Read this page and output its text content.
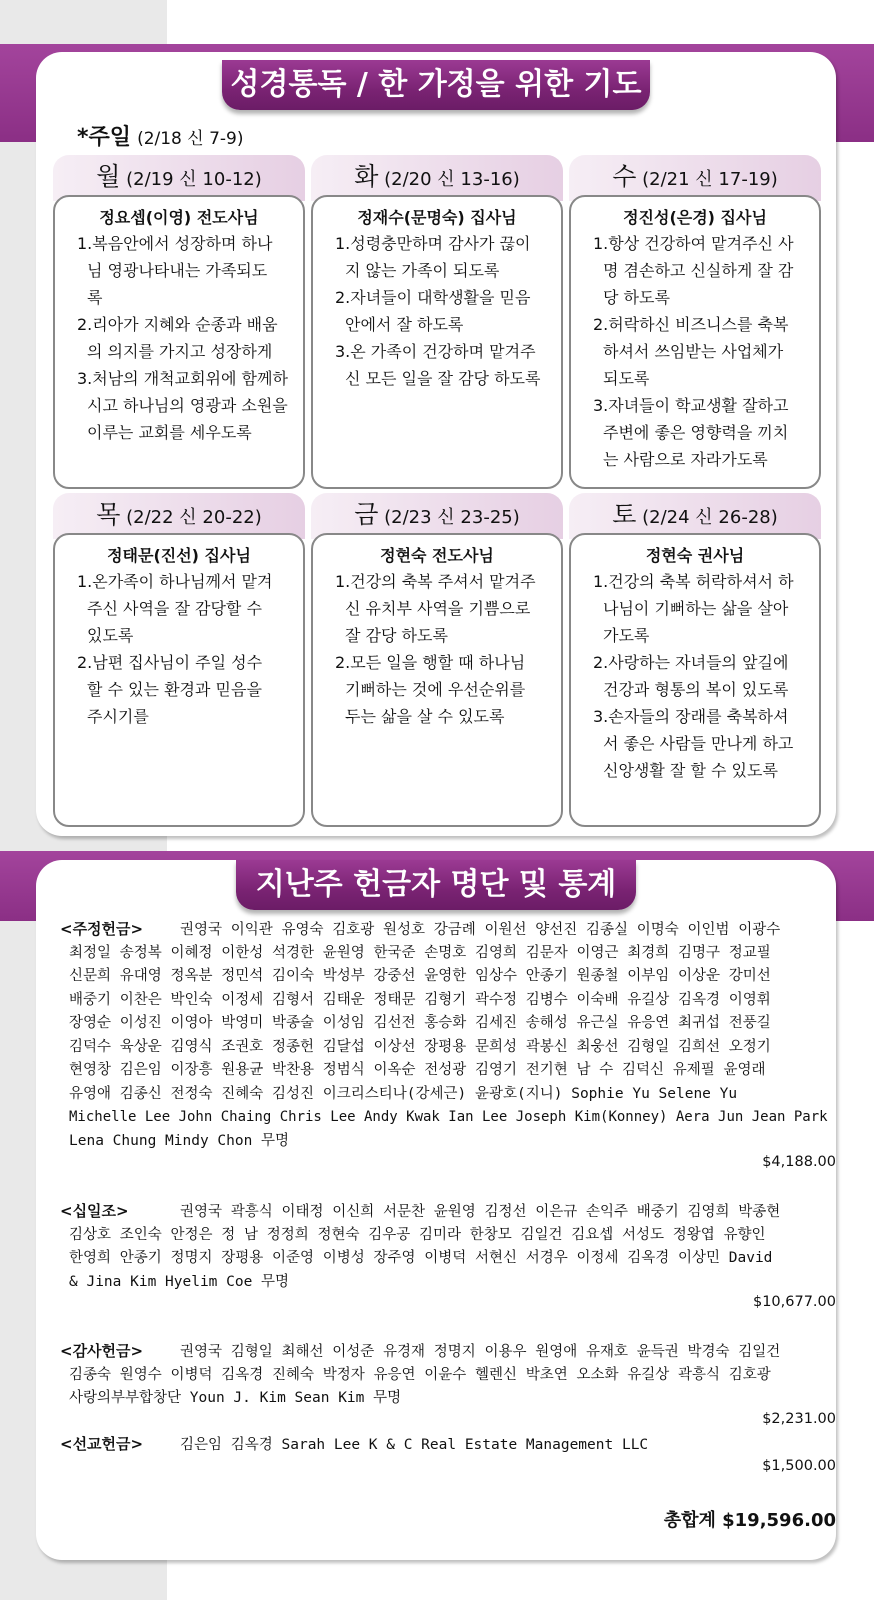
성경통독 / 한 가정을 위한 기도
*주일 (2/18 신 7-9)
월 (2/19 신 10-12)
정요셉(이영) 전도사님
1.복음안에서 성장하며 하나
님 영광나타내는 가족되도
록
2.리아가 지혜와 순종과 배움
의 의지를 가지고 성장하게
3.처남의 개척교회위에 함께하
시고 하나님의 영광과 소원을
이루는 교회를 세우도록
화 (2/20 신 13-16)
정재수(문명숙) 집사님
1.성령충만하며 감사가 끊이
지 않는 가족이 되도록
2.자녀들이 대학생활을 믿음
안에서 잘 하도록
3.온 가족이 건강하며 맡겨주
신 모든 일을 잘 감당 하도록
수 (2/21 신 17-19)
정진성(은경) 집사님
1.항상 건강하여 맡겨주신 사
명 겸손하고 신실하게 잘 감
당 하도록
2.허락하신 비즈니스를 축복
하셔서 쓰임받는 사업체가
되도록
3.자녀들이 학교생활 잘하고
주변에 좋은 영향력을 끼치
는 사람으로 자라가도록
목 (2/22 신 20-22)
정태문(진선) 집사님
1.온가족이 하나님께서 맡겨
주신 사역을 잘 감당할 수
있도록
2.남편 집사님이 주일 성수
할 수 있는 환경과 믿음을
주시기를
금 (2/23 신 23-25)
정현숙 전도사님
1.건강의 축복 주셔서 맡겨주
신 유치부 사역을 기쁨으로
잘 감당 하도록
2.모든 일을 행할 때 하나님
기뻐하는 것에 우선순위를
두는 삶을 살 수 있도록
토 (2/24 신 26-28)
정현숙 권사님
1.건강의 축복 허락하셔서 하
나님이 기뻐하는 삶을 살아
가도록
2.사랑하는 자녀들의 앞길에
건강과 형통의 복이 있도록
3.손자들의 장래를 축복하셔
서 좋은 사람들 만나게 하고
신앙생활 잘 할 수 있도록
지난주 헌금자 명단 및 통계
<주정헌금>	권영국 이익관 유영숙 김호광 원성호 강금례 이원선 양선진 김종실 이명숙 이인범 이광수
최정일 송정복 이혜정 이한성 석경한 윤원영 한국준 손명호 김영희 김문자 이영근 최경희 김명구 정교필
신문희 유대영 정옥분 정민석 김이숙 박성부 강중선 윤영한 임상수 안종기 원종철 이부임 이상운 강미선
배중기 이찬은 박인숙 이정세 김형서 김태운 정태문 김형기 곽수정 김병수 이숙배 유길상 김옥경 이영휘
장영순 이성진 이영아 박영미 박종술 이성임 김선전 홍승화 김세진 송해성 유근실 유응연 최귀섭 전풍길
김덕수 육상운 김영식 조권호 정종헌 김달섭 이상선 장평용 문희성 곽봉신 최웅선 김형일 김희선 오정기
현영창 김은임 이장흥 원용균 박찬용 정범식 이옥순 전성광 김영기 전기현 남 수 김덕신 유제필 윤영래
유영애 김종신 전정숙 진혜숙 김성진 이크리스티나(강세근) 윤광호(지니) Sophie Yu Selene Yu
Michelle Lee John Chaing Chris Lee Andy Kwak Ian Lee Joseph Kim(Konney) Aera Jun Jean Park
Lena Chung Mindy Chon 무명
$4,188.00
<십일조>	권영국 곽흥식 이태정 이신희 서문찬 윤원영 김정선 이은규 손익주 배중기 김영희 박종현
김상호 조인숙 안정은 정 남 정정희 정현숙 김우공 김미라 한창모 김일건 김요셉 서성도 정왕엽 유향인
한영희 안종기 정명지 장평용 이준영 이병성 장주영 이병덕 서현신 서경우 이정세 김옥경 이상민 David
& Jina Kim Hyelim Coe 무명
$10,677.00
<감사헌금>	권영국 김형일 최해선 이성준 유경재 정명지 이용우 원영애 유재호 윤득권 박경숙 김일건
김종숙 원영수 이병덕 김옥경 진혜숙 박정자 유응연 이윤수 헬렌신 박초연 오소화 유길상 곽흥식 김호광
사랑의부부합창단 Youn J. Kim Sean Kim 무명
$2,231.00
<선교헌금>	김은임 김옥경 Sarah Lee K & C Real Estate Management LLC
$1,500.00
총합계 $19,596.00
